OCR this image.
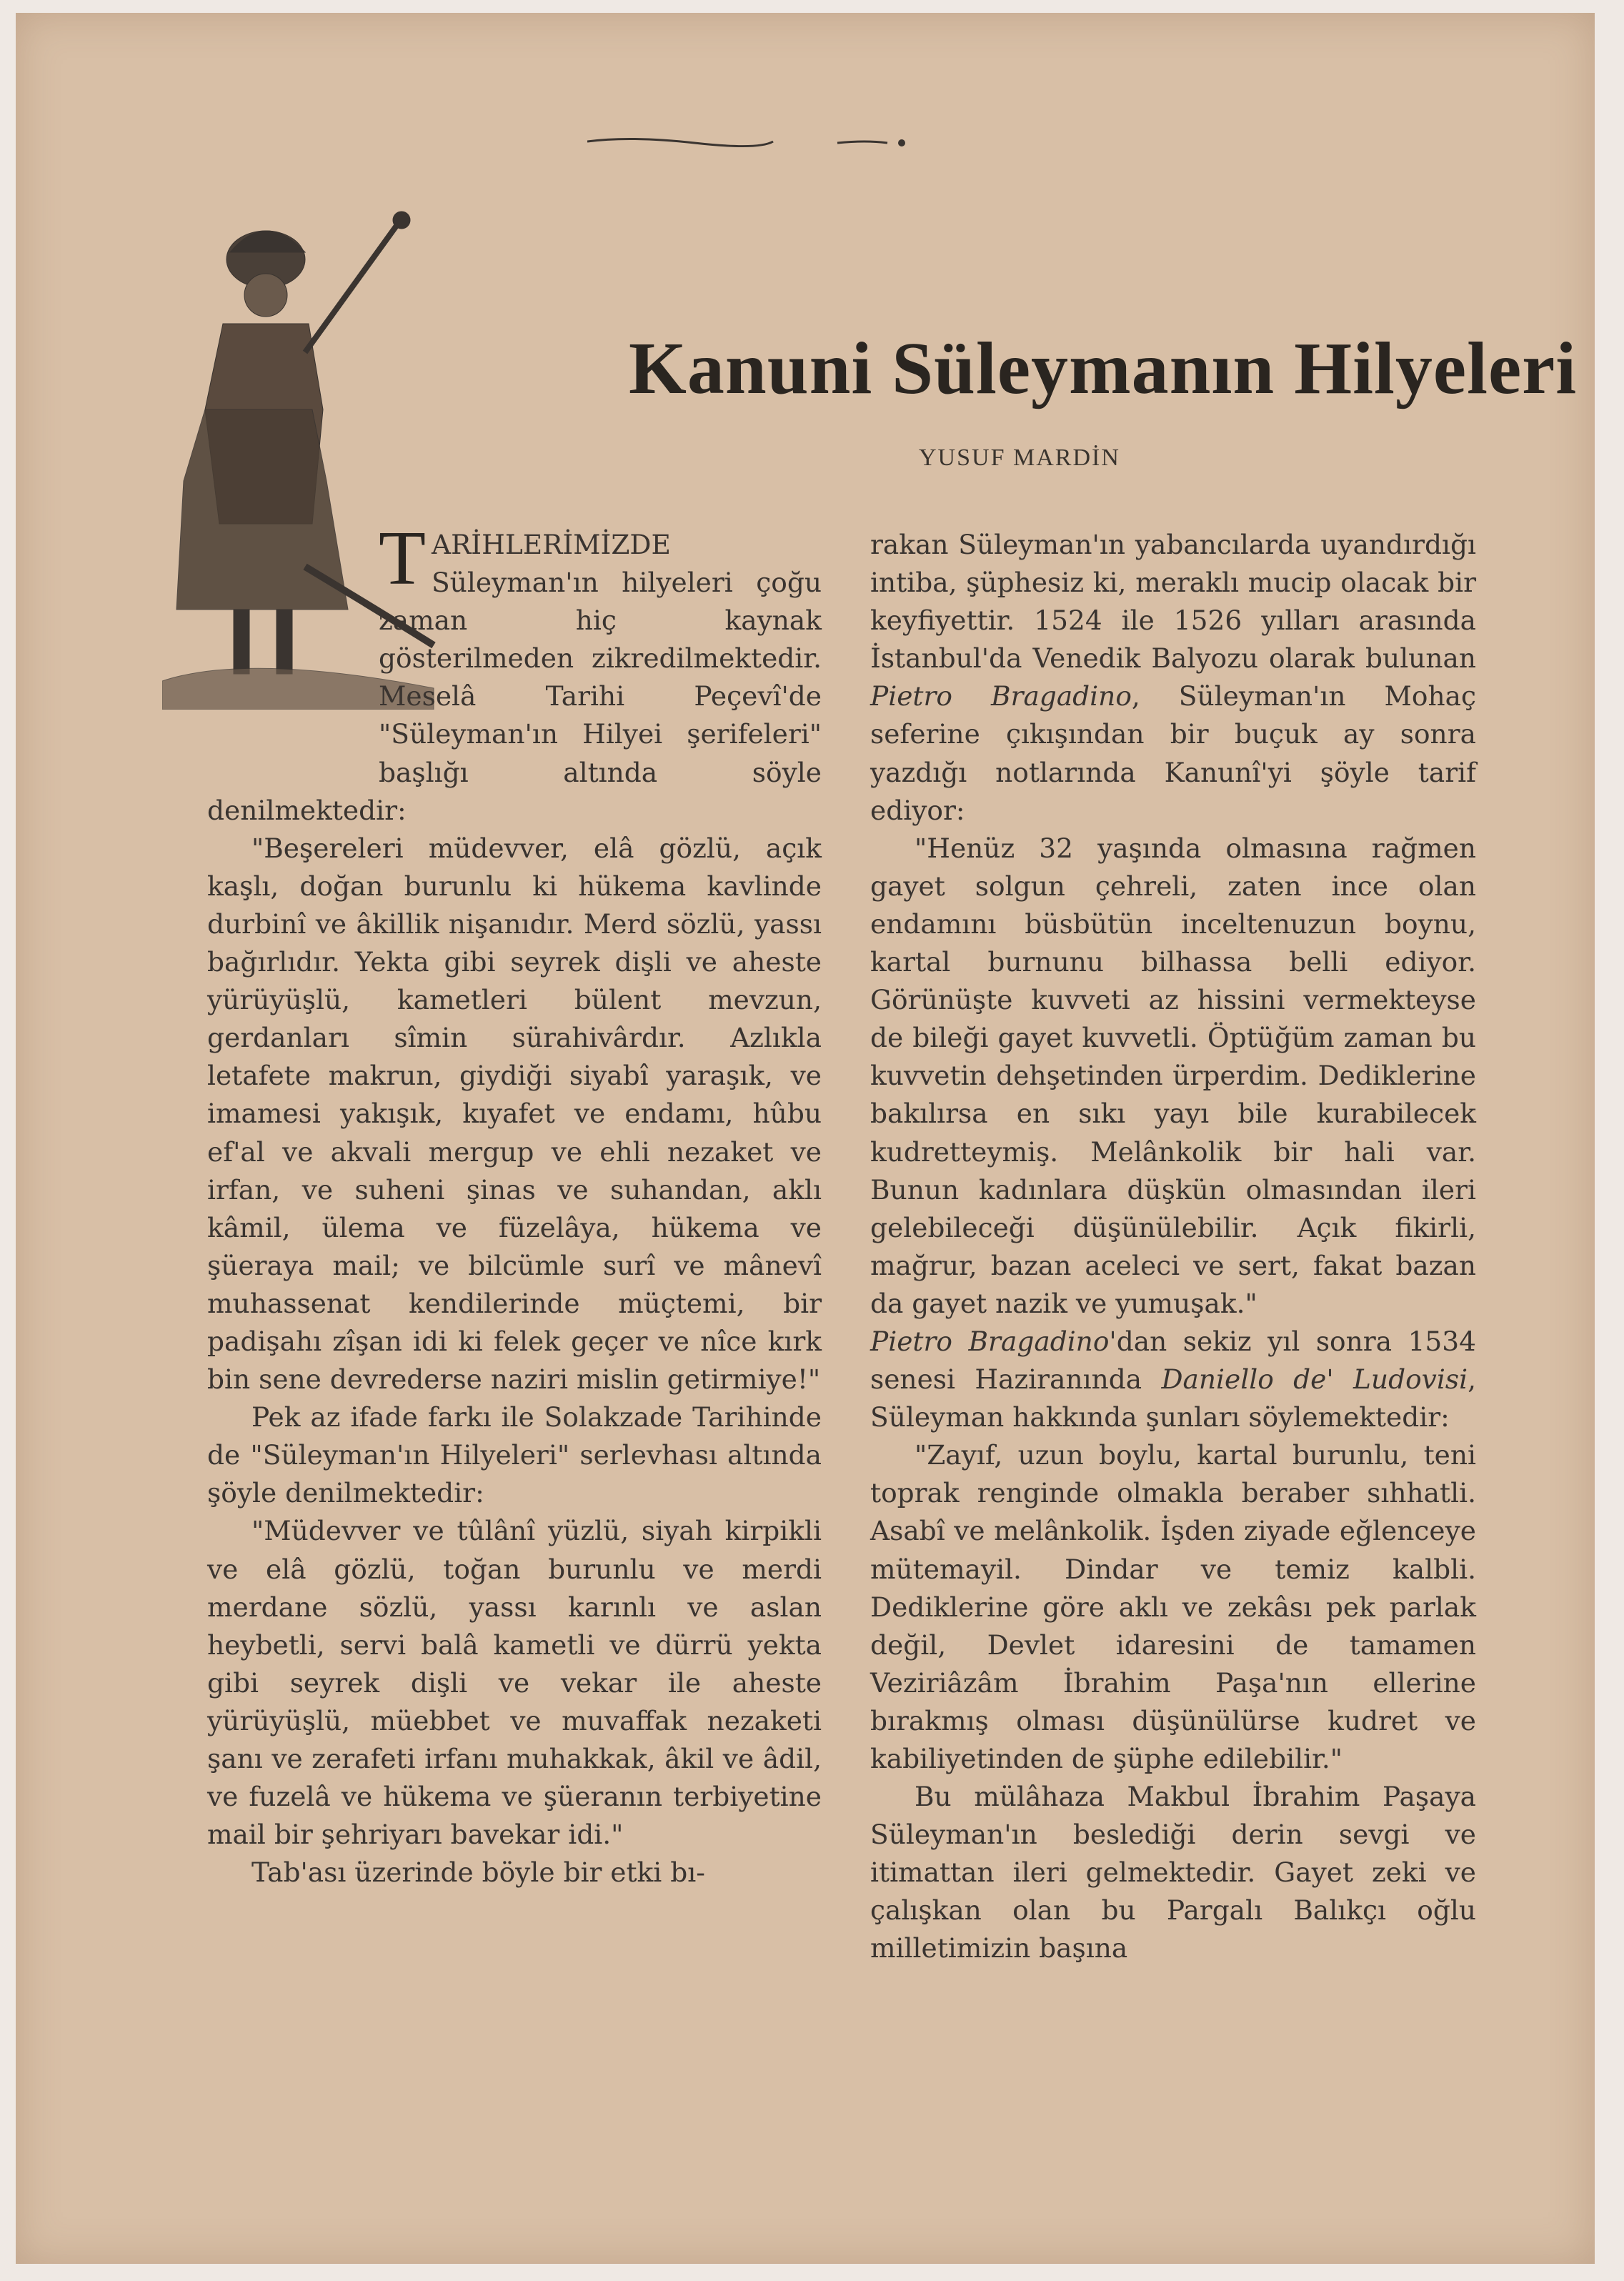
Kanuni Süleymanın Hilyeleri
YUSUF MARDİN

TARİHLERİMİZDE Süleyman'ın hilyeleri çoğu zaman hiç kaynak gösterilmeden zikredilmektedir. Meselâ Tarihi Peçevî'de "Süleyman'ın Hilyei şerifeleri" başlığı altında söyle denilmektedir:

"Beşereleri müdevver, elâ gözlü, açık kaşlı, doğan burunlu ki hükema kavlinde durbinî ve âkillik nişanıdır. Merd sözlü, yassı bağırlıdır. Yekta gibi seyrek dişli ve aheste yürüyüşlü, kametleri bülent mevzun, gerdanları sîmin sürahivârdır. Azlıkla letafete makrun, giydiği siyabî yaraşık, ve imamesi yakışık, kıyafet ve endamı, hûbu ef'al ve akvali mergup ve ehli nezaket ve irfan, ve suheni şinas ve suhandan, aklı kâmil, ülema ve füzelâya, hükema ve şüeraya mail; ve bilcümle surî ve mânevî muhassenat kendilerinde müçtemi, bir padişahı zîşan idi ki felek geçer ve nîce kırk bin sene devrederse naziri mislin getirmiye!"

Pek az ifade farkı ile Solakzade Tarihinde de "Süleyman'ın Hilyeleri" serlevhası altında şöyle denilmektedir:

"Müdevver ve tûlânî yüzlü, siyah kirpikli ve elâ gözlü, toğan burunlu ve merdi merdane sözlü, yassı karınlı ve aslan heybetli, servi balâ kametli ve dürrü yekta gibi seyrek dişli ve vekar ile aheste yürüyüşlü, müebbet ve muvaffak nezaketi şanı ve zerafeti irfanı muhakkak, âkil ve âdil, ve fuzelâ ve hükema ve şüeranın terbiyetine mail bir şehriyarı bavekar idi."

Tab'ası üzerinde böyle bir etki bı-

rakan Süleyman'ın yabancılarda uyandırdığı intiba, şüphesiz ki, meraklı mucip olacak bir keyfiyettir. 1524 ile 1526 yılları arasında İstanbul'da Venedik Balyozu olarak bulunan Pietro Bragadino, Süleyman'ın Mohaç seferine çıkışından bir buçuk ay sonra yazdığı notlarında Kanunî'yi şöyle tarif ediyor:

"Henüz 32 yaşında olmasına rağmen gayet solgun çehreli, zaten ince olan endamını büsbütün inceltenuzun boynu, kartal burnunu bilhassa belli ediyor. Görünüşte kuvveti az hissini vermekteyse de bileği gayet kuvvetli. Öptüğüm zaman bu kuvvetin dehşetinden ürperdim. Dediklerine bakılırsa en sıkı yayı bile kurabilecek kudretteymiş. Melânkolik bir hali var. Bunun kadınlara düşkün olmasından ileri gelebileceği düşünülebilir. Açık fikirli, mağrur, bazan aceleci ve sert, fakat bazan da gayet nazik ve yumuşak."

Pietro Bragadino'dan sekiz yıl sonra 1534 senesi Haziranında Daniello de' Ludovisi, Süleyman hakkında şunları söylemektedir:

"Zayıf, uzun boylu, kartal burunlu, teni toprak renginde olmakla beraber sıhhatli. Asabî ve melânkolik. İşden ziyade eğlenceye mütemayil. Dindar ve temiz kalbli. Dediklerine göre aklı ve zekâsı pek parlak değil, Devlet idaresini de tamamen Veziriâzâm İbrahim Paşa'nın ellerine bırakmış olması düşünülürse kudret ve kabiliyetinden de şüphe edilebilir."

Bu mülâhaza Makbul İbrahim Paşaya Süleyman'ın beslediği derin sevgi ve itimattan ileri gelmektedir. Gayet zeki ve çalışkan olan bu Pargalı Balıkçı oğlu milletimizin başına
